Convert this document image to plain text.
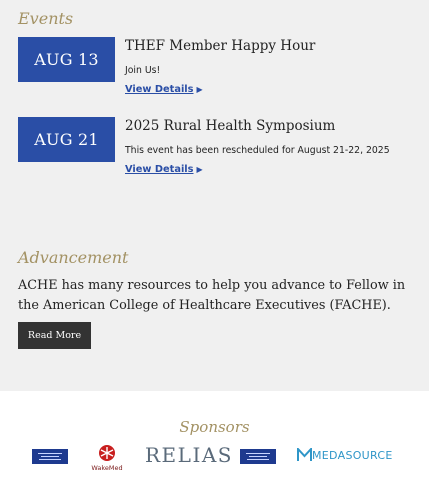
Events
AUG 13
THEF Member Happy Hour
Join Us!
View Details ▶
AUG 21
2025 Rural Health Symposium
This event has been rescheduled for August 21-22, 2025
View Details ▶
Advancement
ACHE has many resources to help you advance to Fellow in the American College of Healthcare Executives (FACHE).
Read More
Sponsors
WakeMed
RELIAS	MEDASOURCE
